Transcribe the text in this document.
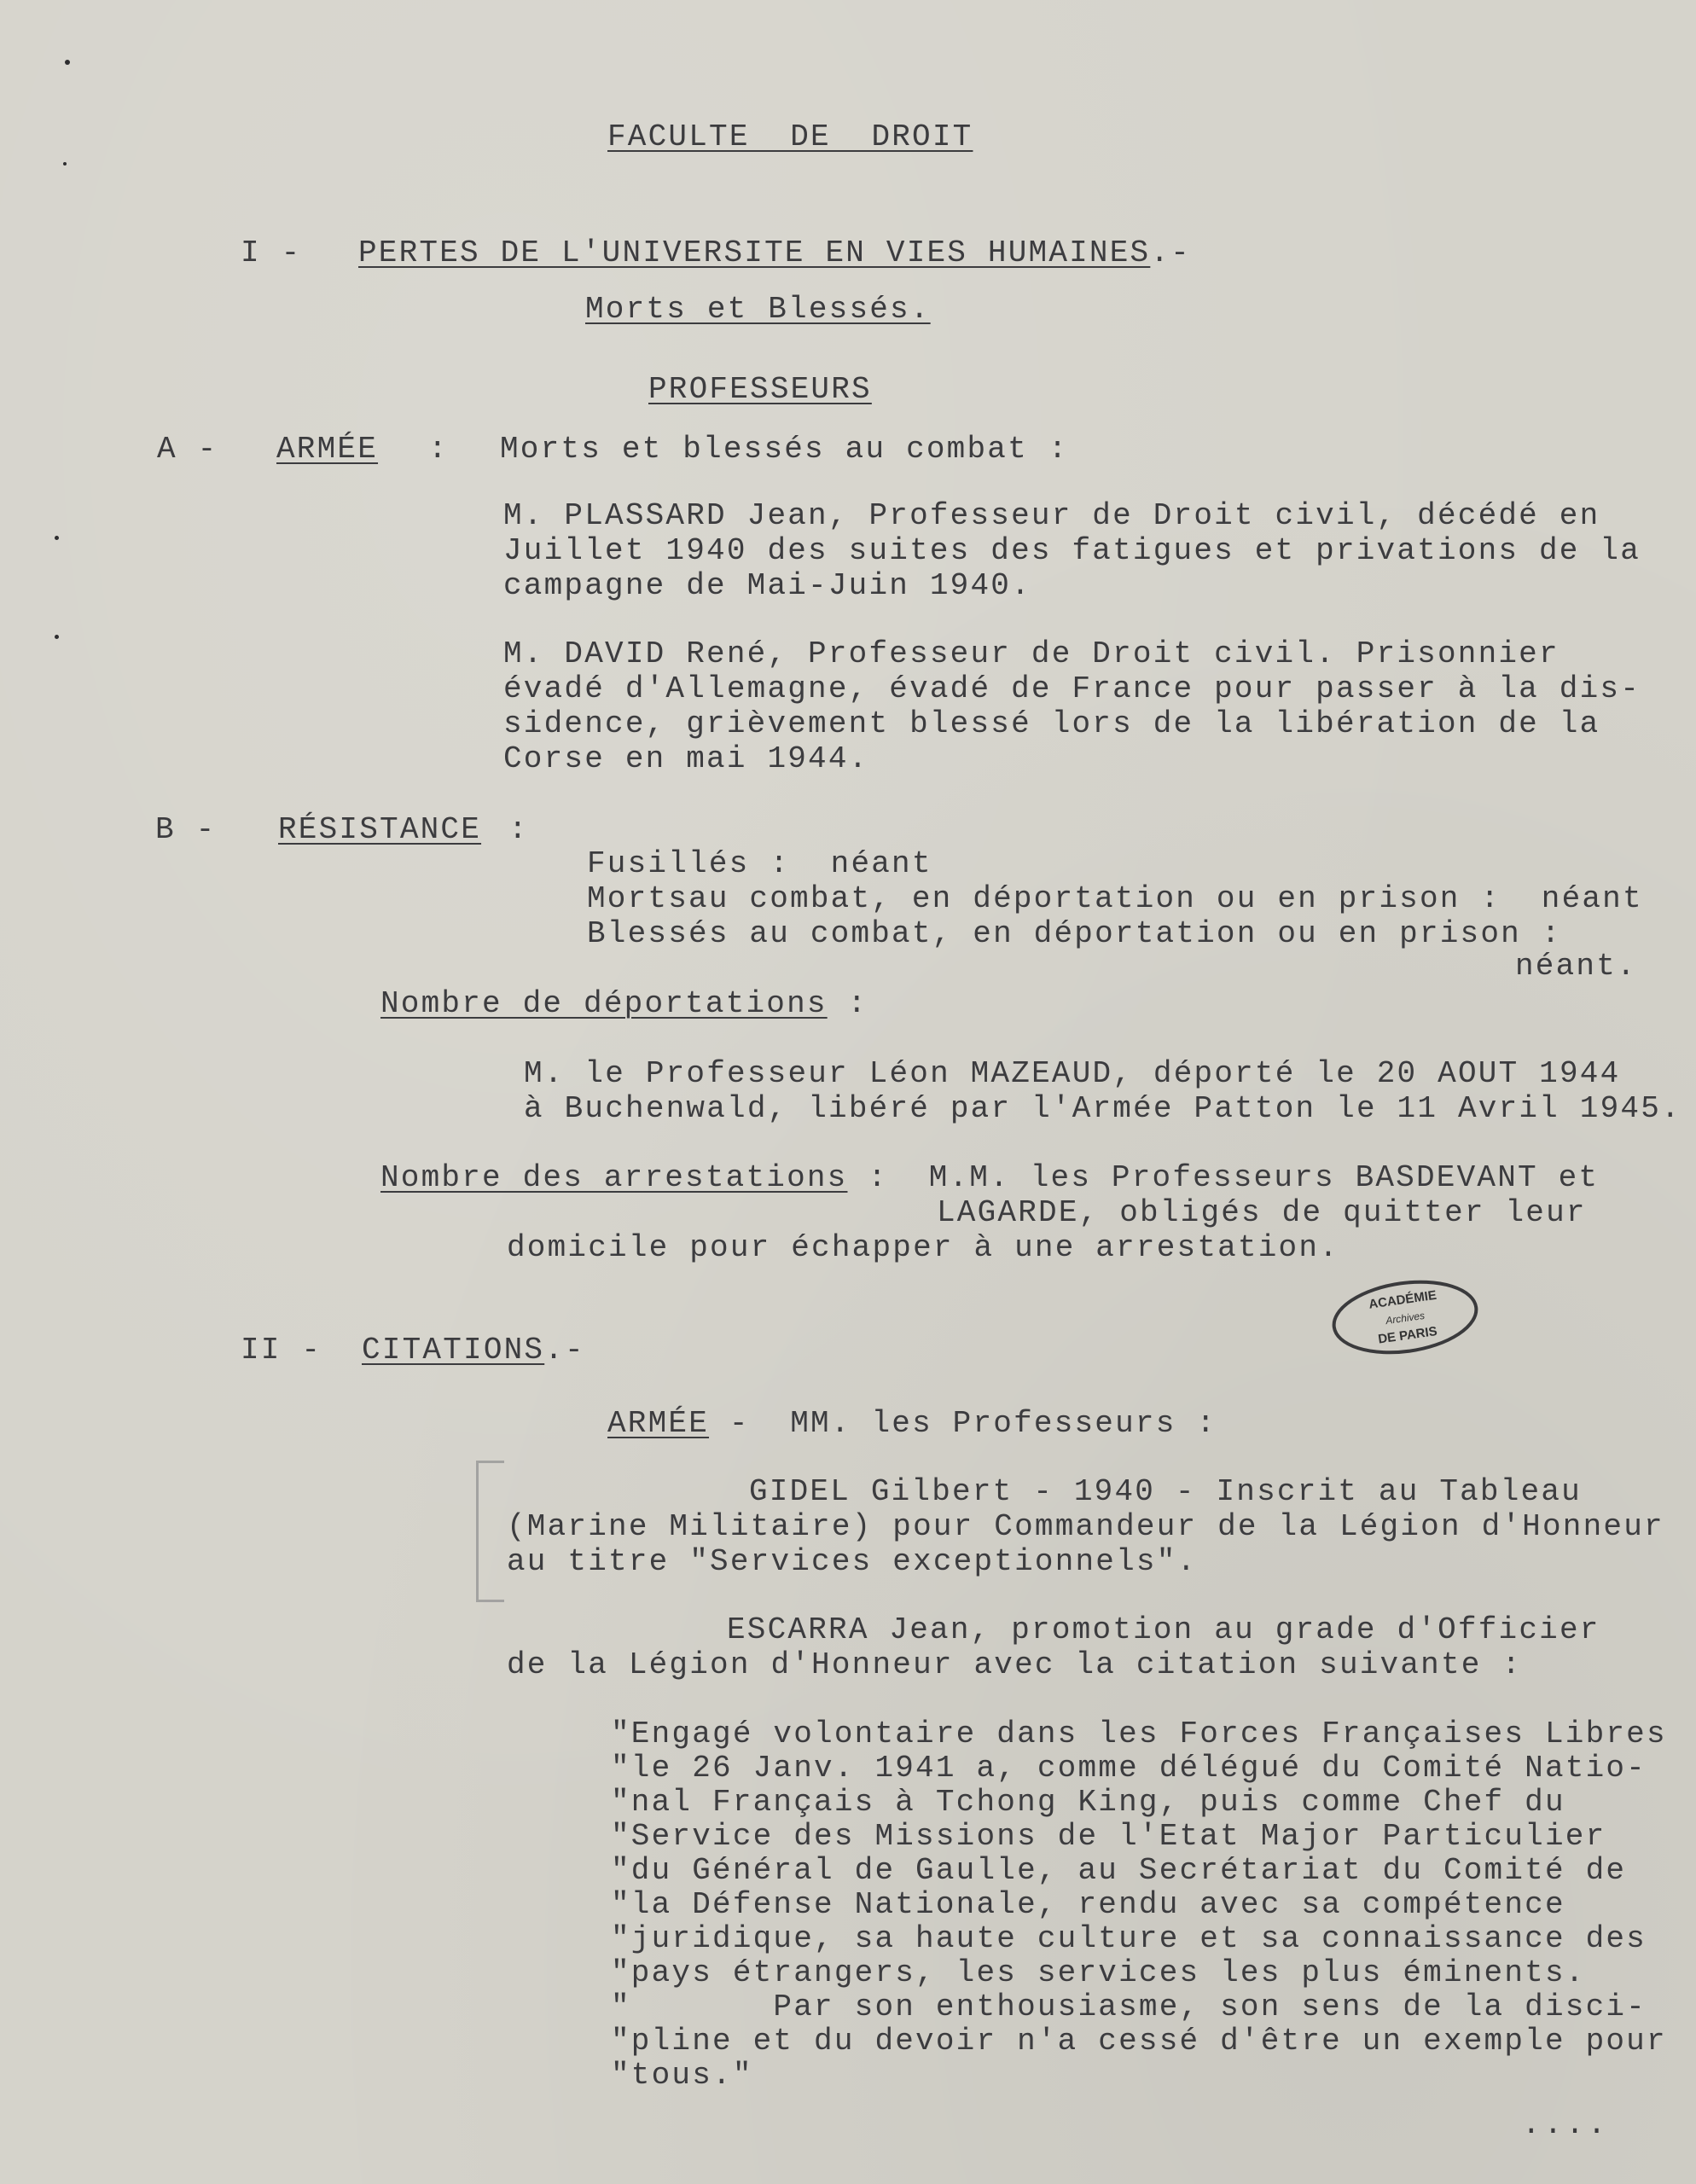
FACULTE  DE  DROIT
I - PERTES DE L'UNIVERSITE EN VIES HUMAINES.-
Morts et Blessés.
PROFESSEURS
A - ARMÉE : Morts et blessés au combat :
M. PLASSARD Jean, Professeur de Droit civil, décédé en
Juillet 1940 des suites des fatigues et privations de la
campagne de Mai-Juin 1940.
M. DAVID René, Professeur de Droit civil. Prisonnier
évadé d'Allemagne, évadé de France pour passer à la dis-
sidence, grièvement blessé lors de la libération de la
Corse en mai 1944.
B - RÉSISTANCE :
Fusillés :  néant
Mortsau combat, en déportation ou en prison :  néant
Blessés au combat, en déportation ou en prison :
néant.
Nombre de déportations :
M. le Professeur Léon MAZEAUD, déporté le 20 AOUT 1944
à Buchenwald, libéré par l'Armée Patton le 11 Avril 1945.
Nombre des arrestations :  M.M. les Professeurs BASDEVANT et
LAGARDE, obligés de quitter leur
domicile pour échapper à une arrestation.
ACADÉMIE
Archives
DE PARIS
II - CITATIONS.-
ARMÉE -  MM. les Professeurs :
GIDEL Gilbert - 1940 - Inscrit au Tableau
(Marine Militaire) pour Commandeur de la Légion d'Honneur
au titre "Services exceptionnels".
ESCARRA Jean, promotion au grade d'Officier
de la Légion d'Honneur avec la citation suivante :
"Engagé volontaire dans les Forces Françaises Libres
"le 26 Janv. 1941 a, comme délégué du Comité Natio-
"nal Français à Tchong King, puis comme Chef du
"Service des Missions de l'Etat Major Particulier
"du Général de Gaulle, au Secrétariat du Comité de
"la Défense Nationale, rendu avec sa compétence
"juridique, sa haute culture et sa connaissance des
"pays étrangers, les services les plus éminents.
"       Par son enthousiasme, son sens de la disci-
"pline et du devoir n'a cessé d'être un exemple pour
"tous."
....
